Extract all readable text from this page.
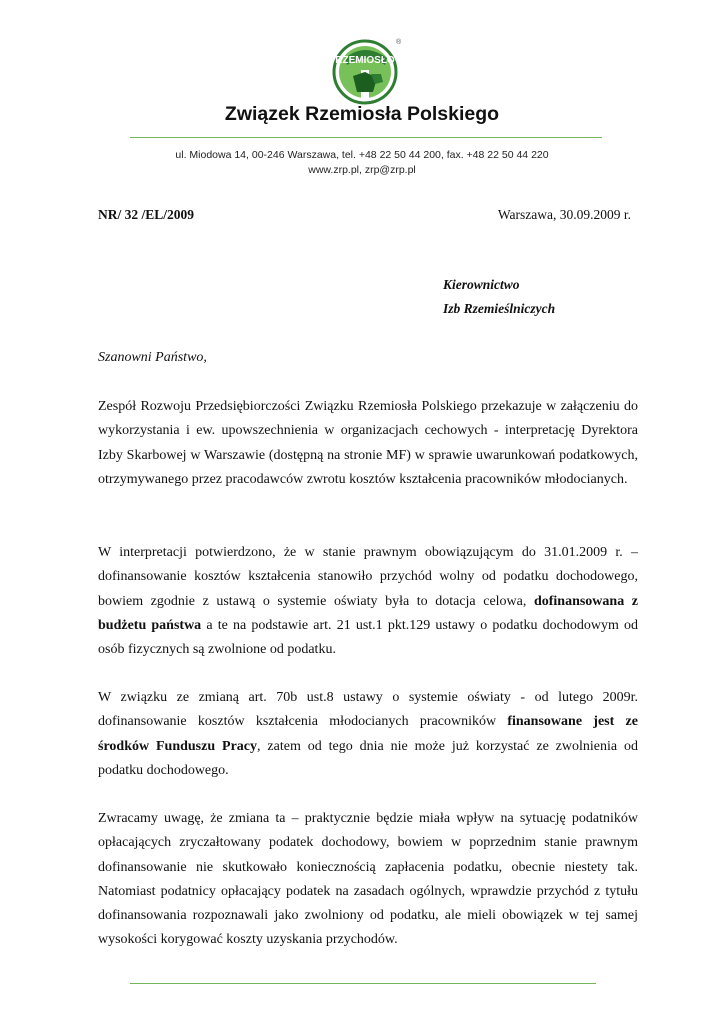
RZEMIOSŁO
®
Związek Rzemiosła Polskiego
ul. Miodowa 14, 00-246 Warszawa, tel. +48 22 50 44 200, fax. +48 22 50 44 220
www.zrp.pl, zrp@zrp.pl
NR/ 32 /EL/2009	Warszawa, 30.09.2009 r.
Kierownictwo
Izb Rzemieślniczych
Szanowni Państwo,

Zespół Rozwoju Przedsiębiorczości Związku Rzemiosła Polskiego przekazuje w załączeniu do wykorzystania i ew. upowszechnienia w organizacjach cechowych - interpretację Dyrektora Izby Skarbowej w Warszawie (dostępną na stronie MF) w sprawie uwarunkowań podatkowych, otrzymywanego przez pracodawców zwrotu kosztów kształcenia pracowników młodocianych.

W interpretacji potwierdzono, że w stanie prawnym obowiązującym do 31.01.2009 r. – dofinansowanie kosztów kształcenia stanowiło przychód wolny od podatku dochodowego, bowiem zgodnie z ustawą o systemie oświaty była to dotacja celowa, dofinansowana z budżetu państwa a te na podstawie art. 21 ust.1 pkt.129 ustawy o podatku dochodowym od osób fizycznych są zwolnione od podatku.

W związku ze zmianą art. 70b ust.8 ustawy o systemie oświaty - od lutego 2009r. dofinansowanie kosztów kształcenia młodocianych pracowników finansowane jest ze środków Funduszu Pracy, zatem od tego dnia nie może już korzystać ze zwolnienia od podatku dochodowego.

Zwracamy uwagę, że zmiana ta – praktycznie będzie miała wpływ na sytuację podatników opłacających zryczałtowany podatek dochodowy, bowiem w poprzednim stanie prawnym dofinansowanie nie skutkowało koniecznością zapłacenia podatku, obecnie niestety tak. Natomiast podatnicy opłacający podatek na zasadach ogólnych, wprawdzie przychód z tytułu dofinansowania rozpoznawali jako zwolniony od podatku, ale mieli obowiązek w tej samej wysokości korygować koszty uzyskania przychodów.
